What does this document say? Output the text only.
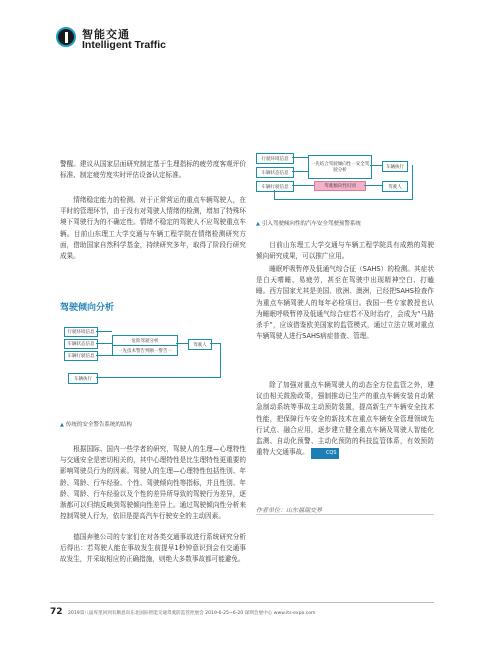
智能交通
Intelligent Traffic
行驶环境信息
车辆状态信息
车辆行驶信息
一先结合驾驶倾向性一安全驾驶分析
驾驶倾向性识别
车辆执行
驾驶人
▲ 引入驾驶倾向性的汽车安全驾驶预警系统

警醒。建议从国家层面研究制定基于生理指标的疲劳度客观评价标准、制定疲劳度实时评估设备认定标准。

情绪稳定能力的检测。对于正常营运的重点车辆驾驶人，在平时的管理环节，由于没有对驾驶人情绪的检测，增加了特殊环境下驾驶行为的不确定性。情绪不稳定的驾驶人不应驾驶重点车辆。目前山东理工大学交通与车辆工程学院在情绪检测研究方面，借助国家自然科学基金，持续研究多年，取得了阶段行研究成果。

驾驶倾向分析
行驶环境信息
车辆状态信息
车辆行驶信息
危险驾驶分析
一先技术警告判断一警告一
驾驶人
车辆执行
▲ 传统的安全警告系统的结构

根据国际、国内一些学者的研究，驾驶人的生理—心理特性与交通安全是密切相关的，其中心理特性是比生理特性更重要的影响驾驶员行为的因素。驾驶人的生理—心理特性包括性别、年龄、驾龄、行车经验、个性、驾驶倾向性等指标，并且性别、年龄、驾龄、行车经验以及个性的差异所导致的驾驶行为差异，逐渐都可以归纳反映到驾驶倾向性差异上。通过驾驶倾向性分析来控制驾驶人行为，依旧是提高汽车行驶安全的主动因素。

德国奔驰公司的专家们在对各类交通事故进行系统研究分析后得出：若驾驶人能在事故发生前提早1秒钟意识到会有交通事故发生，并采取相应的正确措施，则绝大多数事故都可能避免。

目前山东理工大学交通与车辆工程学院具有成熟的驾驶倾向研究成果，可以推广应用。

睡眠呼吸暂停及低通气综合征（SAHS）的检测。其症状是白天嗜睡、易疲劳，甚至在驾驶中出现精神空白、打瞌睡。西方国家尤其是美国、欧洲、澳洲，已经把SAHS检查作为重点车辆驾驶人的每年必检项目。我国一些专家教授也认为睡眠呼吸暂停及低通气综合症若不及时治疗，会成为“马路杀手”，应该借鉴欧美国家的监管模式，通过立法立规对重点车辆驾驶人进行SAHS病症普查、管理。

除了加强对重点车辆驾驶人的动态全方位监管之外，建议由相关鼓励政策，强制推动已生产的重点车辆安装自动紧急制动系统等事故主动预防装置，提高新生产车辆安全技术性能，把保障行车安全的新技术在重点车辆安全管理领域先行试点、融合应用，逐步建立健全重点车辆及驾驶人智能化监测、自动化预警、主动化预防的科技监管体系，有效预防重特大交通事故。	CQS

作者单位：山东福瑞交界
72 2019第八届库里回到有顺意向东北国际智能交通驾驶防监管控展会 2019-6-25~6-20 深圳会展中心 www.its-expo.com
